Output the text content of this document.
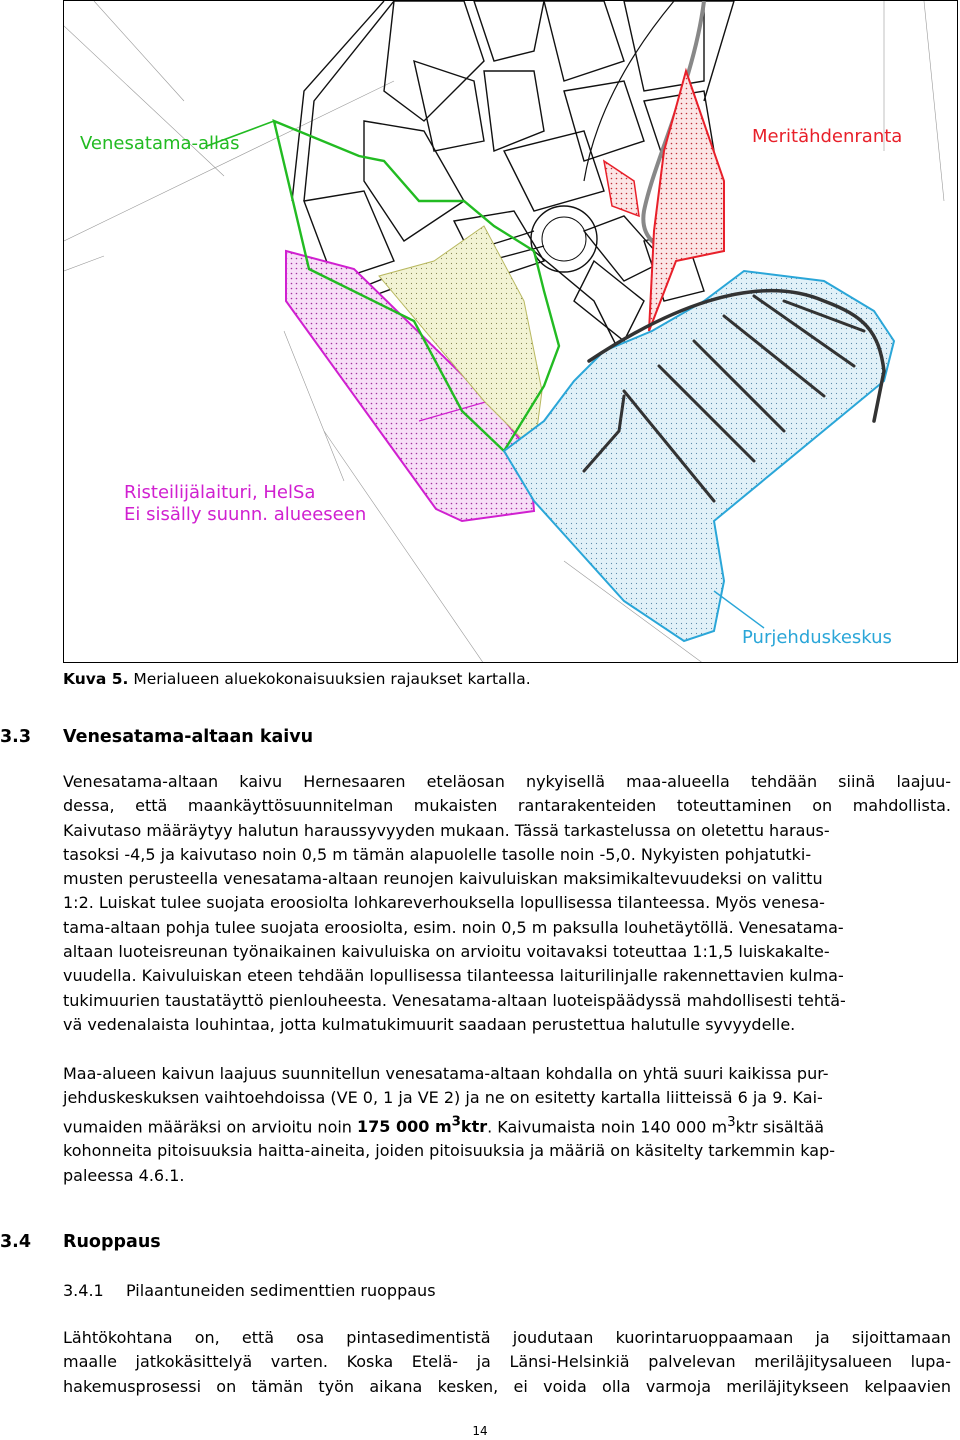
Venesatama-allas	Meritähdenranta
Risteilijälaituri, HelSa
Ei sisälly suunn. alueeseen
Purjehduskeskus
Kuva 5. Merialueen aluekokonaisuuksien rajaukset kartalla.
3.3 Venesatama-altaan kaivu
Venesatama-altaan kaivu Hernesaaren eteläosan nykyisellä maa-alueella tehdään siinä laajuu-
dessa, että maankäyttösuunnitelman mukaisten rantarakenteiden toteuttaminen on mahdollista.
Kaivutaso määräytyy halutun haraussyvyyden mukaan. Tässä tarkastelussa on oletettu haraus-
tasoksi -4,5 ja kaivutaso noin 0,5 m tämän alapuolelle tasolle noin -5,0. Nykyisten pohjatutki-
musten perusteella venesatama-altaan reunojen kaivuluiskan maksimikaltevuudeksi on valittu
1:2. Luiskat tulee suojata eroosiolta lohkareverhouksella lopullisessa tilanteessa. Myös venesa-
tama-altaan pohja tulee suojata eroosiolta, esim. noin 0,5 m paksulla louhetäytöllä. Venesatama-
altaan luoteisreunan työnaikainen kaivuluiska on arvioitu voitavaksi toteuttaa 1:1,5 luiskakalte-
vuudella. Kaivuluiskan eteen tehdään lopullisessa tilanteessa laiturilinjalle rakennettavien kulma-
tukimuurien taustatäyttö pienlouheesta. Venesatama-altaan luoteispäädyssä mahdollisesti tehtä-
vä vedenalaista louhintaa, jotta kulmatukimuurit saadaan perustettua halutulle syvyydelle.
Maa-alueen kaivun laajuus suunnitellun venesatama-altaan kohdalla on yhtä suuri kaikissa pur-
jehduskeskuksen vaihtoehdoissa (VE 0, 1 ja VE 2) ja ne on esitetty kartalla liitteissä 6 ja 9. Kai-
vumaiden määräksi on arvioitu noin 175 000 $m^3ktr$. Kaivumaista noin 140 000 $m^3ktr$ sisältää
kohonneita pitoisuuksia haitta-aineita, joiden pitoisuuksia ja määriä on käsitelty tarkemmin kap-
paleessa 4.6.1.
3.4 Ruoppaus
3.4.1 Pilaantuneiden sedimenttien ruoppaus
Lähtökohtana on, että osa pintasedimentistä joudutaan kuorintaruoppaamaan ja sijoittamaan
maalle jatkokäsittelyä varten. Koska Etelä- ja Länsi-Helsinkiä palvelevan meriläjitysalueen lupa-
hakemusprosessi on tämän työn aikana kesken, ei voida olla varmoja meriläjitykseen kelpaavien
14
